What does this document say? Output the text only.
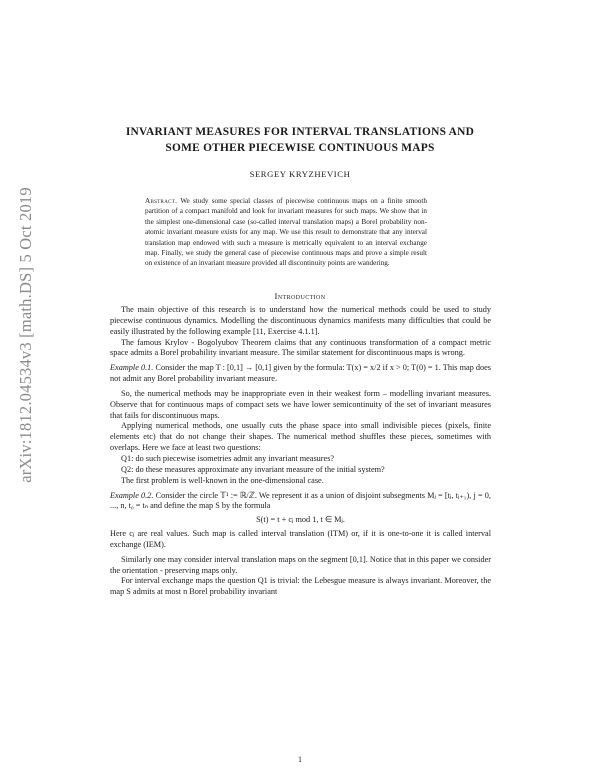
arXiv:1812.04534v3 [math.DS] 5 Oct 2019
INVARIANT MEASURES FOR INTERVAL TRANSLATIONS AND
SOME OTHER PIECEWISE CONTINUOUS MAPS
SERGEY KRYZHEVICH
Abstract. We study some special classes of piecewise continuous maps on a finite smooth partition of a compact manifold and look for invariant measures for such maps. We show that in the simplest one-dimensional case (so-called interval translation maps) a Borel probability non-atomic invariant measure exists for any map. We use this result to demonstrate that any interval translation map endowed with such a measure is metrically equivalent to an interval exchange map. Finally, we study the general case of piecewise continuous maps and prove a simple result on existence of an invariant measure provided all discontinuity points are wandering.
Introduction

The main objective of this research is to understand how the numerical methods could be used to study piecewise continuous dynamics. Modelling the discontinuous dynamics manifests many difficulties that could be easily illustrated by the following example [11, Exercise 4.1.1].

The famous Krylov - Bogolyubov Theorem claims that any continuous transformation of a compact metric space admits a Borel probability invariant measure. The similar statement for discontinuous maps is wrong.

Example 0.1. Consider the map T : [0,1] → [0,1] given by the formula: T(x) = x/2 if x > 0; T(0) = 1. This map does not admit any Borel probability invariant measure.

So, the numerical methods may be inappropriate even in their weakest form – modelling invariant measures. Observe that for continuous maps of compact sets we have lower semicontinuity of the set of invariant measures that fails for discontinuous maps.

Applying numerical methods, one usually cuts the phase space into small indivisible pieces (pixels, finite elements etc) that do not change their shapes. The numerical method shuffles these pieces, sometimes with overlaps. Here we face at least two questions:

Q1: do such piecewise isometries admit any invariant measures?

Q2: do these measures approximate any invariant measure of the initial system?

The first problem is well-known in the one-dimensional case.

Example 0.2. Consider the circle 𝕋¹ := ℝ/ℤ. We represent it as a union of disjoint subsegments Mⱼ = [tⱼ, tⱼ₊₁), j = 0, ..., n, t₀ = tₙ and define the map S by the formula

S(t) = t + cⱼ mod 1, t ∈ Mⱼ.

Here cⱼ are real values. Such map is called interval translation (ITM) or, if it is one-to-one it is called interval exchange (IEM).

Similarly one may consider interval translation maps on the segment [0,1]. Notice that in this paper we consider the orientation - preserving maps only.

For interval exchange maps the question Q1 is trivial: the Lebesgue measure is always invariant. Moreover, the map S admits at most n Borel probability invariant

1
